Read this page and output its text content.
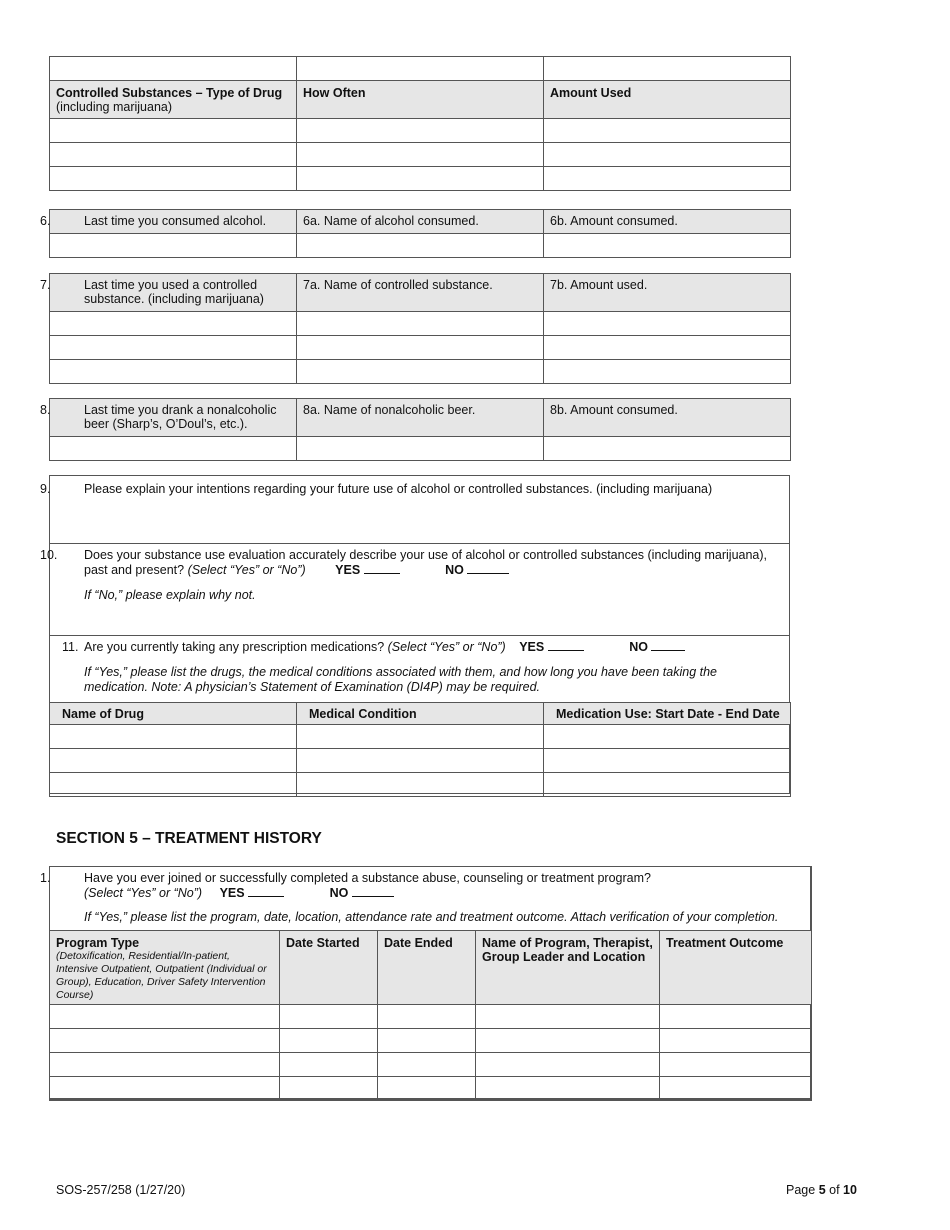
Controlled Substances – Type of Drug
(including marijuana)	How Often	Amount Used

6. Last time you consumed alcohol.	6a. Name of alcohol consumed.	6b. Amount consumed.

7. Last time you used a controlled substance. (including marijuana)	7a. Name of controlled substance.	7b. Amount used.

8. Last time you drank a nonalcoholic beer (Sharp’s, O’Doul’s, etc.).	8a. Name of nonalcoholic beer.	8b. Amount consumed.

9.	Please explain your intentions regarding your future use of alcohol or controlled substances. (including marijuana)
10. Does your substance use evaluation accurately describe your use of alcohol or controlled substances (including marijuana), past and present? (Select “Yes” or “No”) YES	NO
If “No,” please explain why not.
11. Are you currently taking any prescription medications? (Select “Yes” or “No”) YES	NO
If “Yes,” please list the drugs, the medical conditions associated with them, and how long you have been taking the medication. Note: A physician’s Statement of Examination (DI4P) may be required.
Name of Drug	Medical Condition	Medication Use: Start Date - End Date

SECTION 5 – TREATMENT HISTORY
1.	Have you ever joined or successfully completed a substance abuse, counseling or treatment program?
(Select “Yes” or “No”) YES	NO
If “Yes,” please list the program, date, location, attendance rate and treatment outcome. Attach verification of your completion.
Program Type
(Detoxification, Residential/In-patient, Intensive Outpatient, Outpatient (Individual or Group), Education, Driver Safety Intervention Course)	Date Started	Date Ended	Name of Program, Therapist, Group Leader and Location	Treatment Outcome

SOS-257/258 (1/27/20)	Page 5 of 10
